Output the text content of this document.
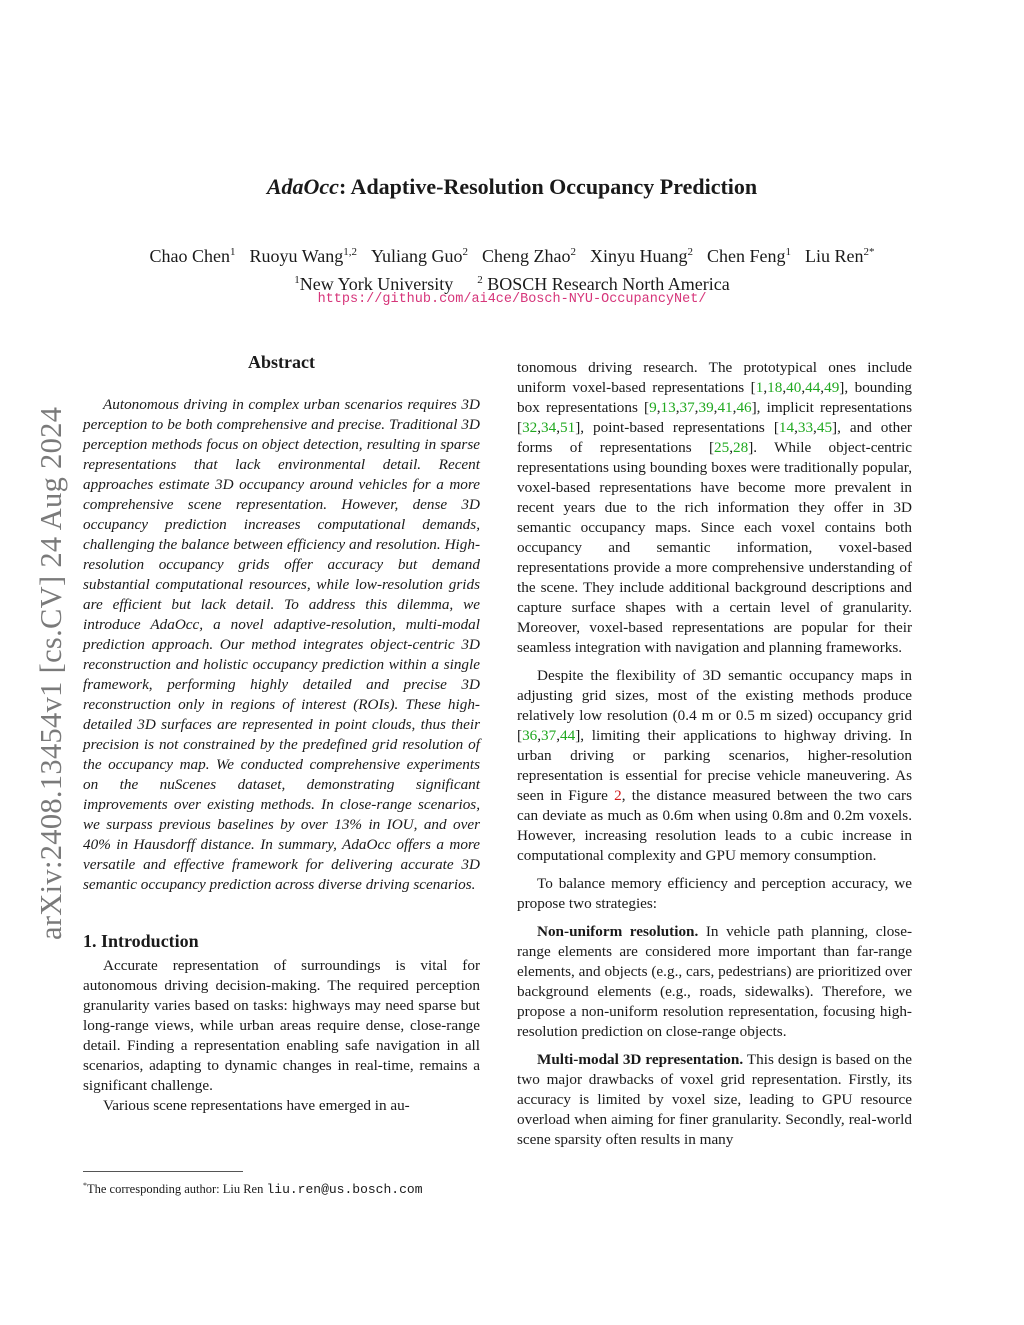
AdaOcc: Adaptive-Resolution Occupancy Prediction
Chao Chen$^1$ Ruoyu Wang$^{1,2}$ Yuliang Guo$^2$ Cheng Zhao$^2$ Xinyu Huang$^2$ Chen Feng$^1$ Liu Ren$^{2*}$
$^1$New York University $^2$ BOSCH Research North America
https://github.com/ai4ce/Bosch-NYU-OccupancyNet/
arXiv:2408.13454v1 [cs.CV] 24 Aug 2024
Abstract

Autonomous driving in complex urban scenarios requires 3D perception to be both comprehensive and precise. Traditional 3D perception methods focus on object detection, resulting in sparse representations that lack environmental detail. Recent approaches estimate 3D occupancy around vehicles for a more comprehensive scene representation. However, dense 3D occupancy prediction increases computational demands, challenging the balance between efficiency and resolution. High-resolution occupancy grids offer accuracy but demand substantial computational resources, while low-resolution grids are efficient but lack detail. To address this dilemma, we introduce AdaOcc, a novel adaptive-resolution, multi-modal prediction approach. Our method integrates object-centric 3D reconstruction and holistic occupancy prediction within a single framework, performing highly detailed and precise 3D reconstruction only in regions of interest (ROIs). These high-detailed 3D surfaces are represented in point clouds, thus their precision is not constrained by the predefined grid resolution of the occupancy map. We conducted comprehensive experiments on the nuScenes dataset, demonstrating significant improvements over existing methods. In close-range scenarios, we surpass previous baselines by over 13% in IOU, and over 40% in Hausdorff distance. In summary, AdaOcc offers a more versatile and effective framework for delivering accurate 3D semantic occupancy prediction across diverse driving scenarios.

1. Introduction

Accurate representation of surroundings is vital for autonomous driving decision-making. The required perception granularity varies based on tasks: highways may need sparse but long-range views, while urban areas require dense, close-range detail. Finding a representation enabling safe navigation in all scenarios, adapting to dynamic changes in real-time, remains a significant challenge.

Various scene representations have emerged in au-

tonomous driving research. The prototypical ones include uniform voxel-based representations [1,18,40,44,49], bounding box representations [9,13,37,39,41,46], implicit representations [32,34,51], point-based representations [14,33,45], and other forms of representations [25,28]. While object-centric representations using bounding boxes were traditionally popular, voxel-based representations have become more prevalent in recent years due to the rich information they offer in 3D semantic occupancy maps. Since each voxel contains both occupancy and semantic information, voxel-based representations provide a more comprehensive understanding of the scene. They include additional background descriptions and capture surface shapes with a certain level of granularity. Moreover, voxel-based representations are popular for their seamless integration with navigation and planning frameworks.

Despite the flexibility of 3D semantic occupancy maps in adjusting grid sizes, most of the existing methods produce relatively low resolution (0.4 m or 0.5 m sized) occupancy grid [36,37,44], limiting their applications to highway driving. In urban driving or parking scenarios, higher-resolution representation is essential for precise vehicle maneuvering. As seen in Figure 2, the distance measured between the two cars can deviate as much as 0.6m when using 0.8m and 0.2m voxels. However, increasing resolution leads to a cubic increase in computational complexity and GPU memory consumption.

To balance memory efficiency and perception accuracy, we propose two strategies:

Non-uniform resolution. In vehicle path planning, close-range elements are considered more important than far-range elements, and objects (e.g., cars, pedestrians) are prioritized over background elements (e.g., roads, sidewalks). Therefore, we propose a non-uniform resolution representation, focusing high-resolution prediction on close-range objects.

Multi-modal 3D representation. This design is based on the two major drawbacks of voxel grid representation. Firstly, its accuracy is limited by voxel size, leading to GPU resource overload when aiming for finer granularity. Secondly, real-world scene sparsity often results in many

*The corresponding author: Liu Ren liu.ren@us.bosch.com
